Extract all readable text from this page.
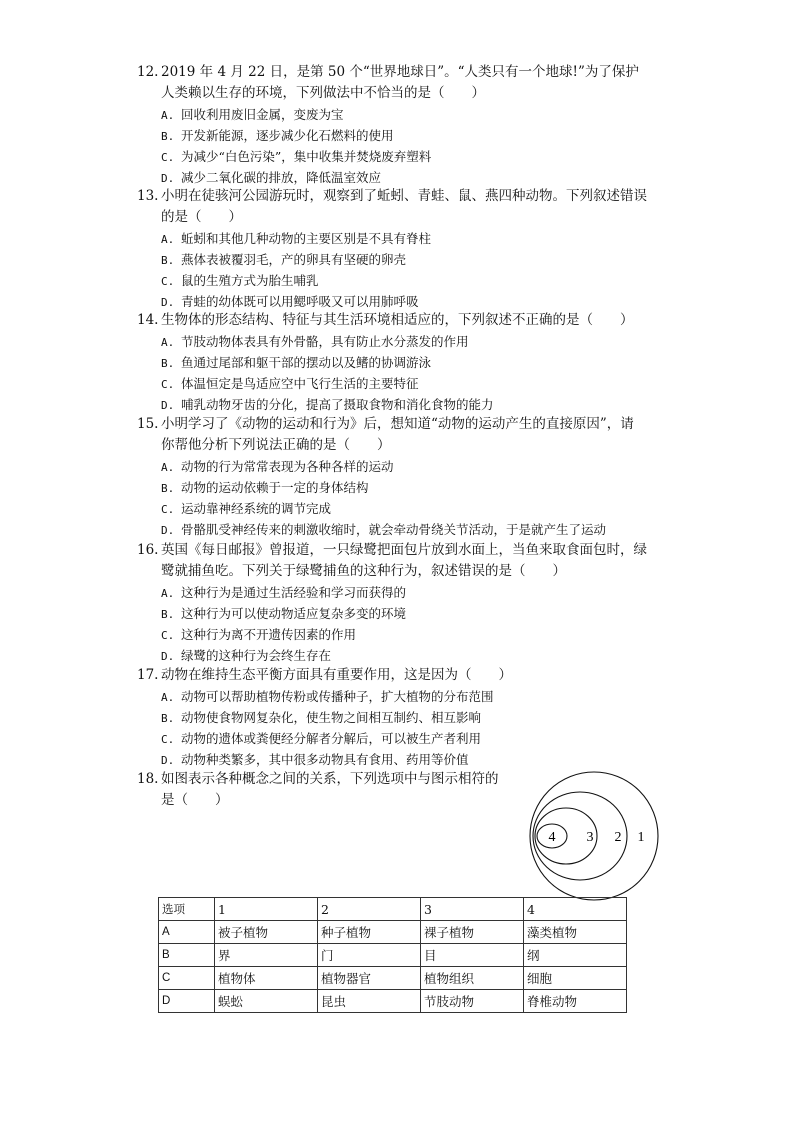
12. 2019 年 4 月 22 日，是第 50 个“世界地球日”。“人类只有一个地球!”为了保护
人类赖以生存的环境，下列做法中不恰当的是（　　）
A. 回收利用废旧金属，变废为宝
B. 开发新能源，逐步减少化石燃料的使用
C. 为减少“白色污染”，集中收集并焚烧废弃塑料
D. 减少二氧化碳的排放，降低温室效应
13. 小明在徒骇河公园游玩时，观察到了蚯蚓、青蛙、鼠、燕四种动物。下列叙述错误
的是（　　）
A. 蚯蚓和其他几种动物的主要区别是不具有脊柱
B. 燕体表被覆羽毛，产的卵具有坚硬的卵壳
C. 鼠的生殖方式为胎生哺乳
D. 青蛙的幼体既可以用鳃呼吸又可以用肺呼吸
14. 生物体的形态结构、特征与其生活环境相适应的，下列叙述不正确的是（　　）
A. 节肢动物体表具有外骨骼，具有防止水分蒸发的作用
B. 鱼通过尾部和躯干部的摆动以及鳍的协调游泳
C. 体温恒定是鸟适应空中飞行生活的主要特征
D. 哺乳动物牙齿的分化，提高了摄取食物和消化食物的能力
15. 小明学习了《动物的运动和行为》后，想知道“动物的运动产生的直接原因”，请
你帮他分析下列说法正确的是（　　）
A. 动物的行为常常表现为各种各样的运动
B. 动物的运动依赖于一定的身体结构
C. 运动靠神经系统的调节完成
D. 骨骼肌受神经传来的刺激收缩时，就会牵动骨绕关节活动，于是就产生了运动
16. 英国《每日邮报》曾报道，一只绿鹭把面包片放到水面上，当鱼来取食面包时，绿
鹭就捕鱼吃。下列关于绿鹭捕鱼的这种行为，叙述错误的是（　　）
A. 这种行为是通过生活经验和学习而获得的
B. 这种行为可以使动物适应复杂多变的环境
C. 这种行为离不开遗传因素的作用
D. 绿鹭的这种行为会终生存在
17. 动物在维持生态平衡方面具有重要作用，这是因为（　　）
A. 动物可以帮助植物传粉或传播种子，扩大植物的分布范围
B. 动物使食物网复杂化，使生物之间相互制约、相互影响
C. 动物的遗体或粪便经分解者分解后，可以被生产者利用
D. 动物种类繁多，其中很多动物具有食用、药用等价值
18. 如图表示各种概念之间的关系，下列选项中与图示相符的
是（　　）
4 3 2 1
选项	1	2	3	4
A	被子植物	种子植物	裸子植物	藻类植物
B	界	门	目	纲
C	植物体	植物器官	植物组织	细胞
D	蜈蚣	昆虫	节肢动物	脊椎动物
